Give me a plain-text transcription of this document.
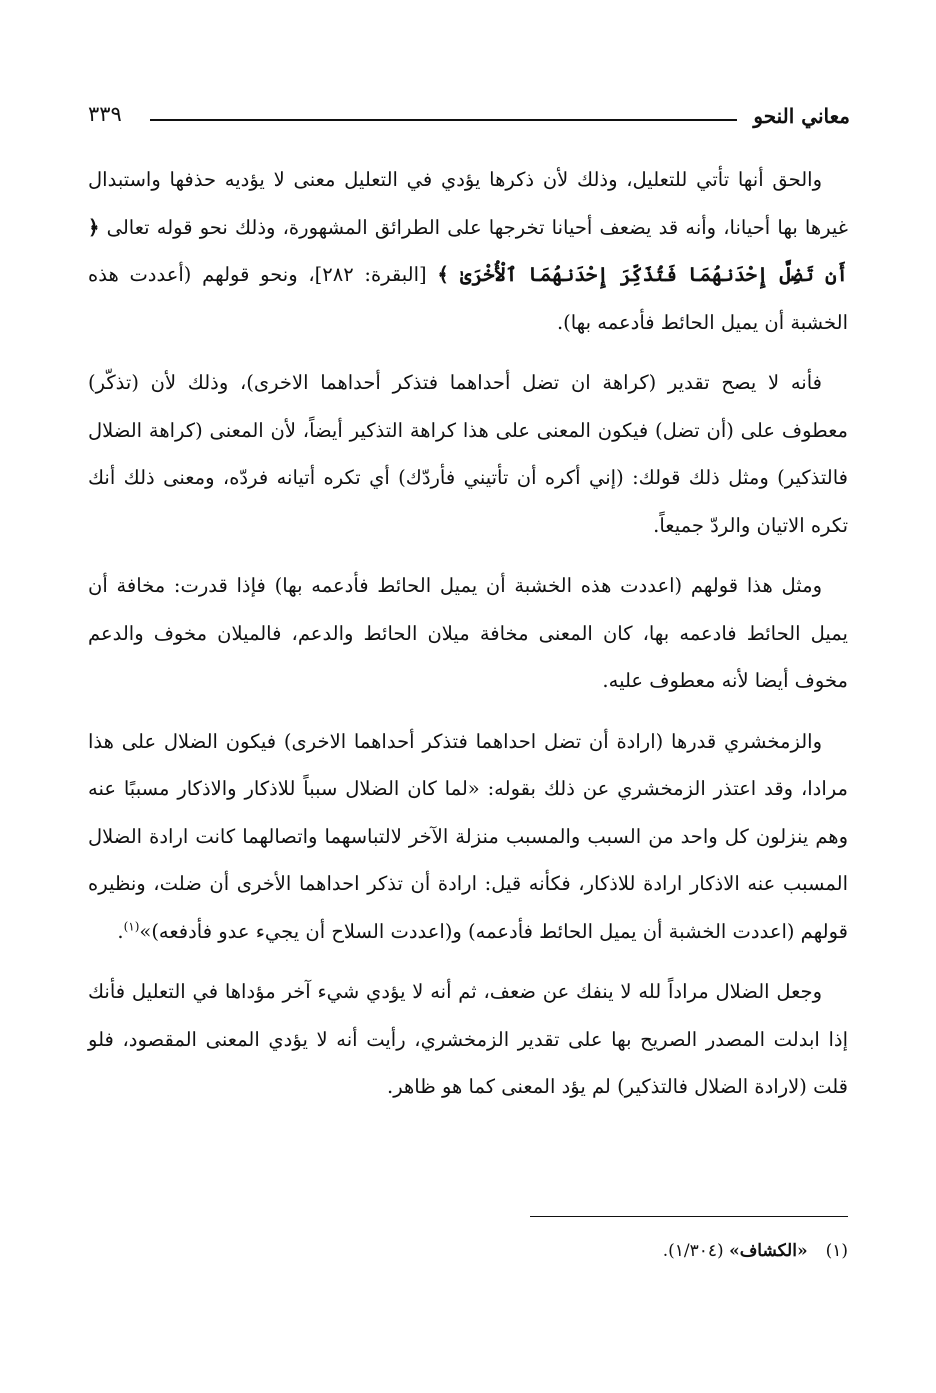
معاني النحو
٣٣٩

والحق أنها تأتي للتعليل، وذلك لأن ذكرها يؤدي في التعليل معنى لا يؤديه حذفها واستبدال غيرها بها أحيانا، وأنه قد يضعف أحيانا تخرجها على الطرائق المشهورة، وذلك نحو قوله تعالى ﴿ أَن تَضِلَّ إِحْدَنهُمَا فَتُذَكِّرَ إِحْدَنهُمَا ٱلْأُخْرَىٰ ﴾ [البقرة: ٢٨٢]، ونحو قولهم (أعددت هذه الخشبة أن يميل الحائط فأدعمه بها).

فأنه لا يصح تقدير (كراهة ان تضل أحداهما فتذكر أحداهما الاخرى)، وذلك لأن (تذكّر) معطوف على (أن تضل) فيكون المعنى على هذا كراهة التذكير أيضاً، لأن المعنى (كراهة الضلال فالتذكير) ومثل ذلك قولك: (إني أكره أن تأتيني فأردّك) أي تكره أتيانه فردّه، ومعنى ذلك أنك تكره الاتيان والردّ جميعاً.

ومثل هذا قولهم (اعددت هذه الخشبة أن يميل الحائط فأدعمه بها) فإذا قدرت: مخافة أن يميل الحائط فادعمه بها، كان المعنى مخافة ميلان الحائط والدعم، فالميلان مخوف والدعم مخوف أيضا لأنه معطوف عليه.

والزمخشري قدرها (ارادة أن تضل احداهما فتذكر أحداهما الاخرى) فيكون الضلال على هذا مرادا، وقد اعتذر الزمخشري عن ذلك بقوله: «لما كان الضلال سبباً للاذكار والاذكار مسببًا عنه وهم ينزلون كل واحد من السبب والمسبب منزلة الآخر لالتباسهما واتصالهما كانت ارادة الضلال المسبب عنه الاذكار ارادة للاذكار، فكأنه قيل: ارادة أن تذكر احداهما الأخرى أن ضلت، ونظيره قولهم (اعددت الخشبة أن يميل الحائط فأدعمه) و(اعددت السلاح أن يجيء عدو فأدفعه)»$^{(١)}$.

وجعل الضلال مراداً لله لا ينفك عن ضعف، ثم أنه لا يؤدي شيء آخر مؤداها في التعليل فأنك إذا ابدلت المصدر الصريح بها على تقدير الزمخشري، رأيت أنه لا يؤدي المعنى المقصود، فلو قلت (لارادة الضلال فالتذكير) لم يؤد المعنى كما هو ظاهر.

(١)«الكشاف» (١/٣٠٤).
